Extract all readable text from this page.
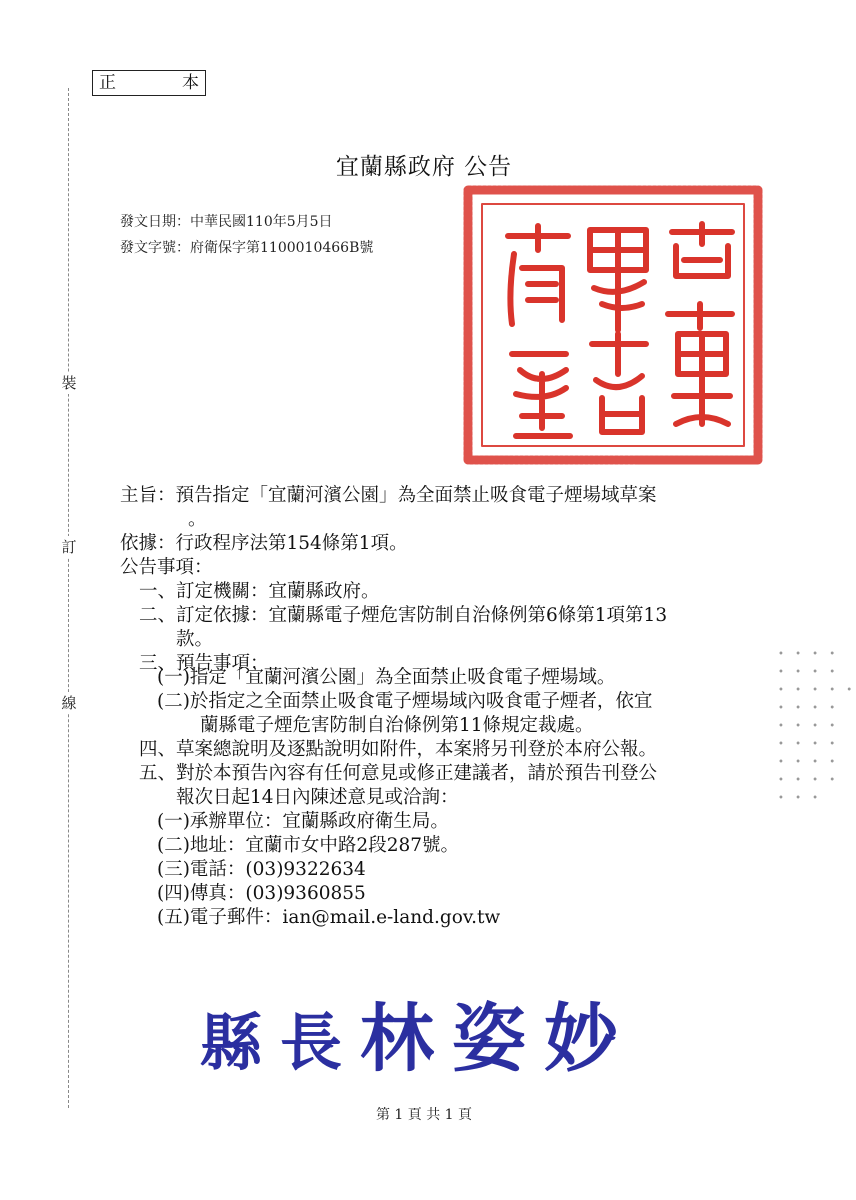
正	本
裝
訂
線
宜蘭縣政府 公告
發文日期：中華民國110年5月5日
發文字號：府衛保字第1100010466B號
主旨：預告指定「宜蘭河濱公園」為全面禁止吸食電子煙場域草案
。
依據：行政程序法第154條第1項。
公告事項：
一、訂定機關：宜蘭縣政府。
二、訂定依據：宜蘭縣電子煙危害防制自治條例第6條第1項第13
款。
三、預告事項：
(一)指定「宜蘭河濱公園」為全面禁止吸食電子煙場域。
(二)於指定之全面禁止吸食電子煙場域內吸食電子煙者，依宜
蘭縣電子煙危害防制自治條例第11條規定裁處。
四、草案總說明及逐點說明如附件，本案將另刊登於本府公報。
五、對於本預告內容有任何意見或修正建議者，請於預告刊登公
報次日起14日內陳述意見或洽詢：
(一)承辦單位：宜蘭縣政府衛生局。
(二)地址：宜蘭市女中路2段287號。
(三)電話：(03)9322634
(四)傳真：(03)9360855
(五)電子郵件：ian@mail.e-land.gov.tw
縣長林姿妙
第 1 頁 共 1 頁
• • • •
• • • •
• • • • •
• • • •
• • • •
• • • •
• • • •
• • • •
• • •
